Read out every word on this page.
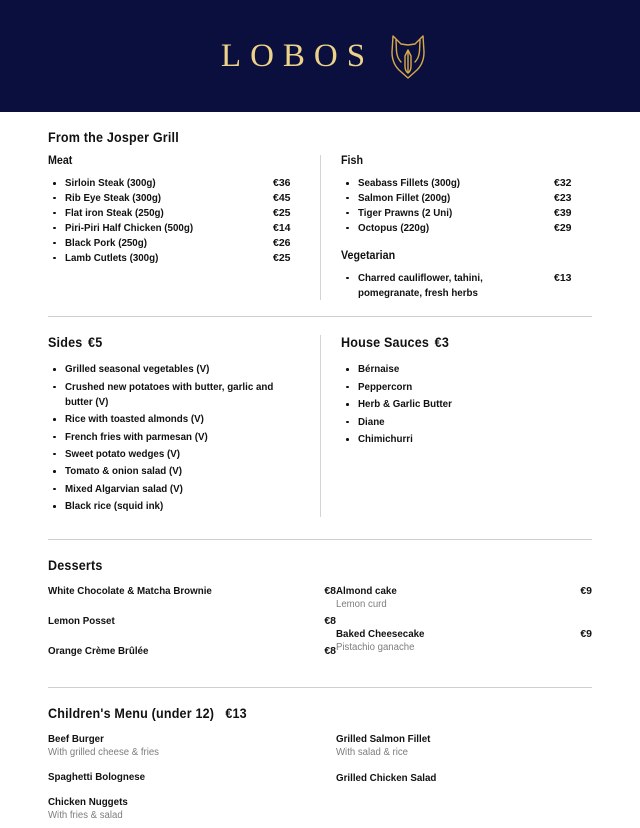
LOBOS
From the Josper Grill
Meat
Sirloin Steak (300g)	€36
Rib Eye Steak (300g)	€45
Flat iron Steak (250g)	€25
Piri-Piri Half Chicken (500g)	€14
Black Pork (250g)	€26
Lamb Cutlets (300g)	€25
Fish
Seabass Fillets (300g)	€32
Salmon Fillet (200g)	€23
Tiger Prawns (2 Uni)	€39
Octopus (220g)	€29
Vegetarian
Charred cauliflower, tahini,	€13
pomegranate, fresh herbs
Sides €5
Grilled seasonal vegetables (V)
Crushed new potatoes with butter, garlic and butter (V)
Rice with toasted almonds (V)
French fries with parmesan (V)
Sweet potato wedges (V)
Tomato & onion salad (V)
Mixed Algarvian salad (V)
Black rice (squid ink)
House Sauces €3
Bérnaise
Peppercorn
Herb & Garlic Butter
Diane
Chimichurri
Desserts
White Chocolate & Matcha Brownie	€8
Lemon Posset	€8
Orange Crème Brûlée	€8
Almond cake	€9
Lemon curd
Baked Cheesecake	€9
Pistachio ganache
Children's Menu (under 12) €13
Beef Burger
With grilled cheese & fries
Spaghetti Bolognese
Chicken Nuggets
With fries & salad
Grilled Salmon Fillet
With salad & rice
Grilled Chicken Salad
